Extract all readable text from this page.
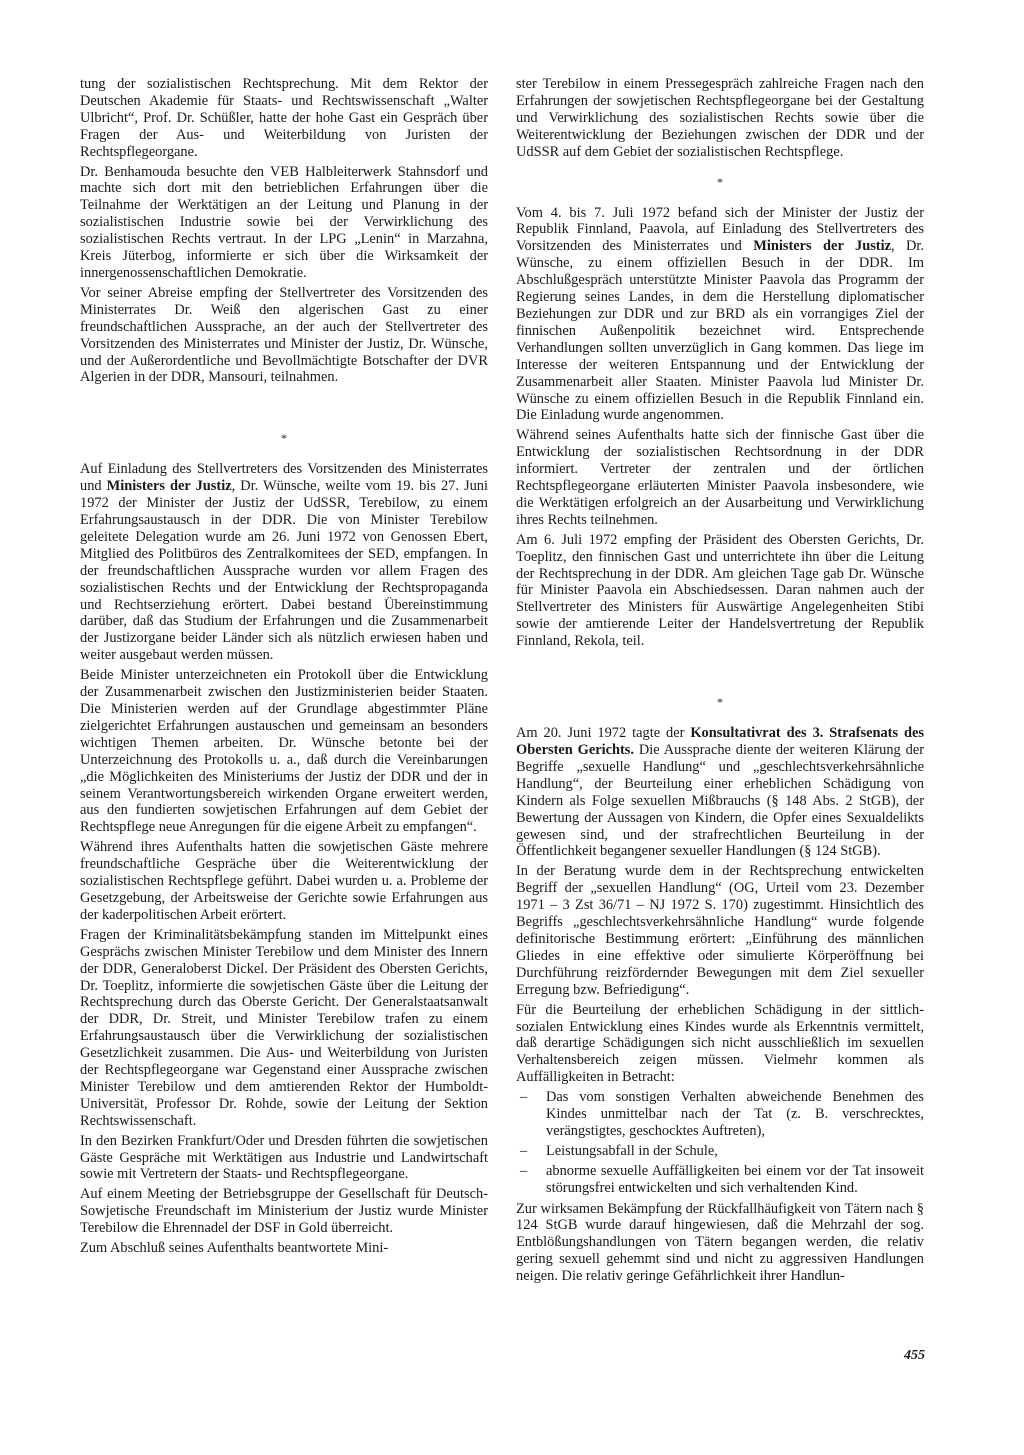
tung der sozialistischen Rechtsprechung. Mit dem Rektor der Deutschen Akademie für Staats- und Rechtswissenschaft „Walter Ulbricht“, Prof. Dr. Schüßler, hatte der hohe Gast ein Gespräch über Fragen der Aus- und Weiterbildung von Juristen der Rechtspflegeorgane.

Dr. Benhamouda besuchte den VEB Halbleiterwerk Stahnsdorf und machte sich dort mit den betrieblichen Erfahrungen über die Teilnahme der Werktätigen an der Leitung und Planung in der sozialistischen Industrie sowie bei der Verwirklichung des sozialistischen Rechts vertraut. In der LPG „Lenin“ in Marzahna, Kreis Jüterbog, informierte er sich über die Wirksamkeit der innergenossenschaftlichen Demokratie.

Vor seiner Abreise empfing der Stellvertreter des Vorsitzenden des Ministerrates Dr. Weiß den algerischen Gast zu einer freundschaftlichen Aussprache, an der auch der Stellvertreter des Vorsitzenden des Ministerrates und Minister der Justiz, Dr. Wünsche, und der Außerordentliche und Bevollmächtigte Botschafter der DVR Algerien in der DDR, Mansouri, teilnahmen.

*

Auf Einladung des Stellvertreters des Vorsitzenden des Ministerrates und Ministers der Justiz, Dr. Wünsche, weilte vom 19. bis 27. Juni 1972 der Minister der Justiz der UdSSR, Terebilow, zu einem Erfahrungsaustausch in der DDR. Die von Minister Terebilow geleitete Delegation wurde am 26. Juni 1972 von Genossen Ebert, Mitglied des Politbüros des Zentralkomitees der SED, empfangen. In der freundschaftlichen Aussprache wurden vor allem Fragen des sozialistischen Rechts und der Entwicklung der Rechtspropaganda und Rechtserziehung erörtert. Dabei bestand Übereinstimmung darüber, daß das Studium der Erfahrungen und die Zusammenarbeit der Justizorgane beider Länder sich als nützlich erwiesen haben und weiter ausgebaut werden müssen.

Beide Minister unterzeichneten ein Protokoll über die Entwicklung der Zusammenarbeit zwischen den Justizministerien beider Staaten. Die Ministerien werden auf der Grundlage abgestimmter Pläne zielgerichtet Erfahrungen austauschen und gemeinsam an besonders wichtigen Themen arbeiten. Dr. Wünsche betonte bei der Unterzeichnung des Protokolls u. a., daß durch die Vereinbarungen „die Möglichkeiten des Ministeriums der Justiz der DDR und der in seinem Verantwortungsbereich wirkenden Organe erweitert werden, aus den fundierten sowjetischen Erfahrungen auf dem Gebiet der Rechtspflege neue Anregungen für die eigene Arbeit zu empfangen“.

Während ihres Aufenthalts hatten die sowjetischen Gäste mehrere freundschaftliche Gespräche über die Weiterentwicklung der sozialistischen Rechtspflege geführt. Dabei wurden u. a. Probleme der Gesetzgebung, der Arbeitsweise der Gerichte sowie Erfahrungen aus der kaderpolitischen Arbeit erörtert.

Fragen der Kriminalitätsbekämpfung standen im Mittelpunkt eines Gesprächs zwischen Minister Terebilow und dem Minister des Innern der DDR, Generaloberst Dickel. Der Präsident des Obersten Gerichts, Dr. Toeplitz, informierte die sowjetischen Gäste über die Leitung der Rechtsprechung durch das Oberste Gericht. Der Generalstaatsanwalt der DDR, Dr. Streit, und Minister Terebilow trafen zu einem Erfahrungsaustausch über die Verwirklichung der sozialistischen Gesetzlichkeit zusammen. Die Aus- und Weiterbildung von Juristen der Rechtspflegeorgane war Gegenstand einer Aussprache zwischen Minister Terebilow und dem amtierenden Rektor der Humboldt-Universität, Professor Dr. Rohde, sowie der Leitung der Sektion Rechtswissenschaft.

In den Bezirken Frankfurt/Oder und Dresden führten die sowjetischen Gäste Gespräche mit Werktätigen aus Industrie und Landwirtschaft sowie mit Vertretern der Staats- und Rechtspflegeorgane.

Auf einem Meeting der Betriebsgruppe der Gesellschaft für Deutsch-Sowjetische Freundschaft im Ministerium der Justiz wurde Minister Terebilow die Ehrennadel der DSF in Gold überreicht.

Zum Abschluß seines Aufenthalts beantwortete Mini-

ster Terebilow in einem Pressegespräch zahlreiche Fragen nach den Erfahrungen der sowjetischen Rechtspflegeorgane bei der Gestaltung und Verwirklichung des sozialistischen Rechts sowie über die Weiterentwicklung der Beziehungen zwischen der DDR und der UdSSR auf dem Gebiet der sozialistischen Rechtspflege.

*

Vom 4. bis 7. Juli 1972 befand sich der Minister der Justiz der Republik Finnland, Paavola, auf Einladung des Stellvertreters des Vorsitzenden des Ministerrates und Ministers der Justiz, Dr. Wünsche, zu einem offiziellen Besuch in der DDR. Im Abschlußgespräch unterstützte Minister Paavola das Programm der Regierung seines Landes, in dem die Herstellung diplomatischer Beziehungen zur DDR und zur BRD als ein vorrangiges Ziel der finnischen Außenpolitik bezeichnet wird. Entsprechende Verhandlungen sollten unverzüglich in Gang kommen. Das liege im Interesse der weiteren Entspannung und der Entwicklung der Zusammenarbeit aller Staaten. Minister Paavola lud Minister Dr. Wünsche zu einem offiziellen Besuch in die Republik Finnland ein. Die Einladung wurde angenommen.

Während seines Aufenthalts hatte sich der finnische Gast über die Entwicklung der sozialistischen Rechtsordnung in der DDR informiert. Vertreter der zentralen und der örtlichen Rechtspflegeorgane erläuterten Minister Paavola insbesondere, wie die Werktätigen erfolgreich an der Ausarbeitung und Verwirklichung ihres Rechts teilnehmen.

Am 6. Juli 1972 empfing der Präsident des Obersten Gerichts, Dr. Toeplitz, den finnischen Gast und unterrichtete ihn über die Leitung der Rechtsprechung in der DDR. Am gleichen Tage gab Dr. Wünsche für Minister Paavola ein Abschiedsessen. Daran nahmen auch der Stellvertreter des Ministers für Auswärtige Angelegenheiten Stibi sowie der amtierende Leiter der Handelsvertretung der Republik Finnland, Rekola, teil.

*

Am 20. Juni 1972 tagte der Konsultativrat des 3. Strafsenats des Obersten Gerichts. Die Aussprache diente der weiteren Klärung der Begriffe „sexuelle Handlung“ und „geschlechtsverkehrsähnliche Handlung“, der Beurteilung einer erheblichen Schädigung von Kindern als Folge sexuellen Mißbrauchs (§ 148 Abs. 2 StGB), der Bewertung der Aussagen von Kindern, die Opfer eines Sexualdelikts gewesen sind, und der strafrechtlichen Beurteilung in der Öffentlichkeit begangener sexueller Handlungen (§ 124 StGB).

In der Beratung wurde dem in der Rechtsprechung entwickelten Begriff der „sexuellen Handlung“ (OG, Urteil vom 23. Dezember 1971 – 3 Zst 36/71 – NJ 1972 S. 170) zugestimmt. Hinsichtlich des Begriffs „geschlechtsverkehrsähnliche Handlung“ wurde folgende definitorische Bestimmung erörtert: „Einführung des männlichen Gliedes in eine effektive oder simulierte Körperöffnung bei Durchführung reizfördernder Bewegungen mit dem Ziel sexueller Erregung bzw. Befriedigung“.

Für die Beurteilung der erheblichen Schädigung in der sittlich-sozialen Entwicklung eines Kindes wurde als Erkenntnis vermittelt, daß derartige Schädigungen sich nicht ausschließlich im sexuellen Verhaltensbereich zeigen müssen. Vielmehr kommen als Auffälligkeiten in Betracht:

– Das vom sonstigen Verhalten abweichende Benehmen des Kindes unmittelbar nach der Tat (z. B. verschrecktes, verängstigtes, geschocktes Auftreten),
– Leistungsabfall in der Schule,
– abnorme sexuelle Auffälligkeiten bei einem vor der Tat insoweit störungsfrei entwickelten und sich verhaltenden Kind.

Zur wirksamen Bekämpfung der Rückfallhäufigkeit von Tätern nach § 124 StGB wurde darauf hingewiesen, daß die Mehrzahl der sog. Entblößungshandlungen von Tätern begangen werden, die relativ gering sexuell gehemmt sind und nicht zu aggressiven Handlungen neigen. Die relativ geringe Gefährlichkeit ihrer Handlun-

455
